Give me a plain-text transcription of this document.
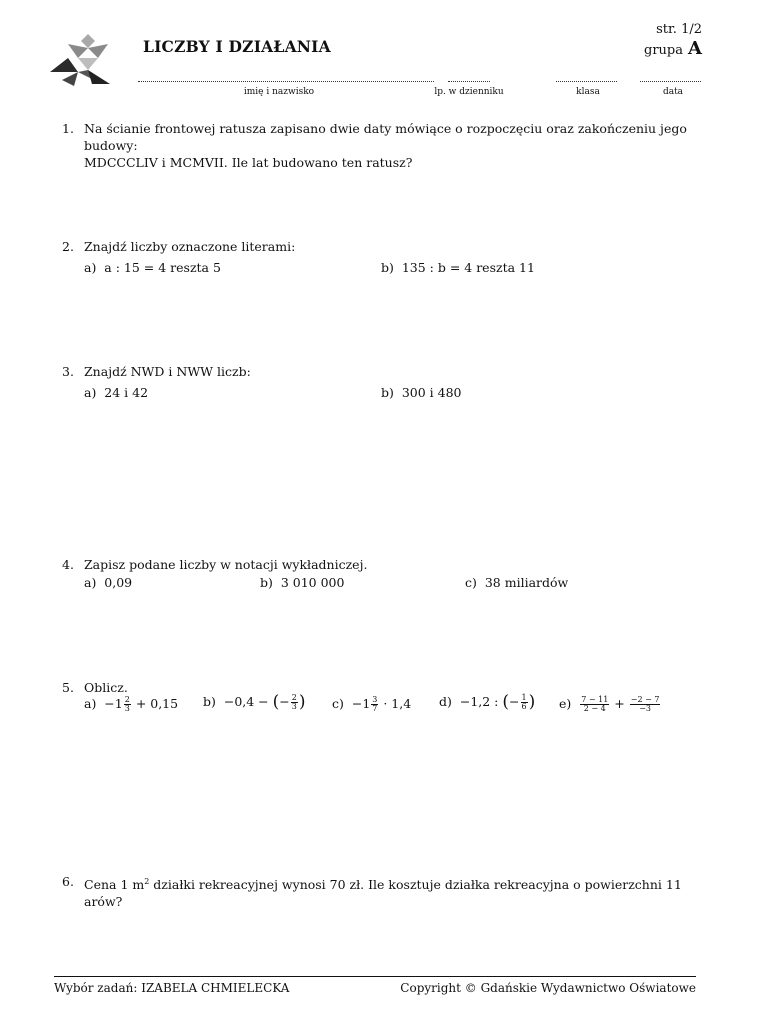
LICZBY I DZIAŁANIA
str. 1/2
grupa A
imię i nazwisko	lp. w dzienniku	klasa	data
1. Na ścianie frontowej ratusza zapisano dwie daty mówiące o rozpoczęciu oraz zakończeniu jego budowy:
MDCCCLIV i MCMVII. Ile lat budowano ten ratusz?
2. Znajdź liczby oznaczone literami:
a) a : 15 = 4 reszta 5	b) 135 : b = 4 reszta 11
3. Znajdź NWD i NWW liczb:
a) 24 i 42	b) 300 i 480
4. Zapisz podane liczby w notacji wykładniczej.
a) 0,09	b) 3 010 000	c) 38 miliardów
5. Oblicz.
$a) -1 \frac{2}{3} + 0,15$ b) −0,4 − (− $\frac{2}{3}$ ) $c) -1 \frac{3}{7} \cdot 1,4$ d) −1,2 : (− $\frac{1}{6}$ ) $e) \frac{7 - 11}{2 - 4} + \frac{-2 - 7}{-3}$
6. Cena 1 $m^2$ działki rekreacyjnej wynosi 70 zł. Ile kosztuje działka rekreacyjna o powierzchni 11 arów?
Wybór zadań: IZABELA CHMIELECKA	Copyright © Gdańskie Wydawnictwo Oświatowe
